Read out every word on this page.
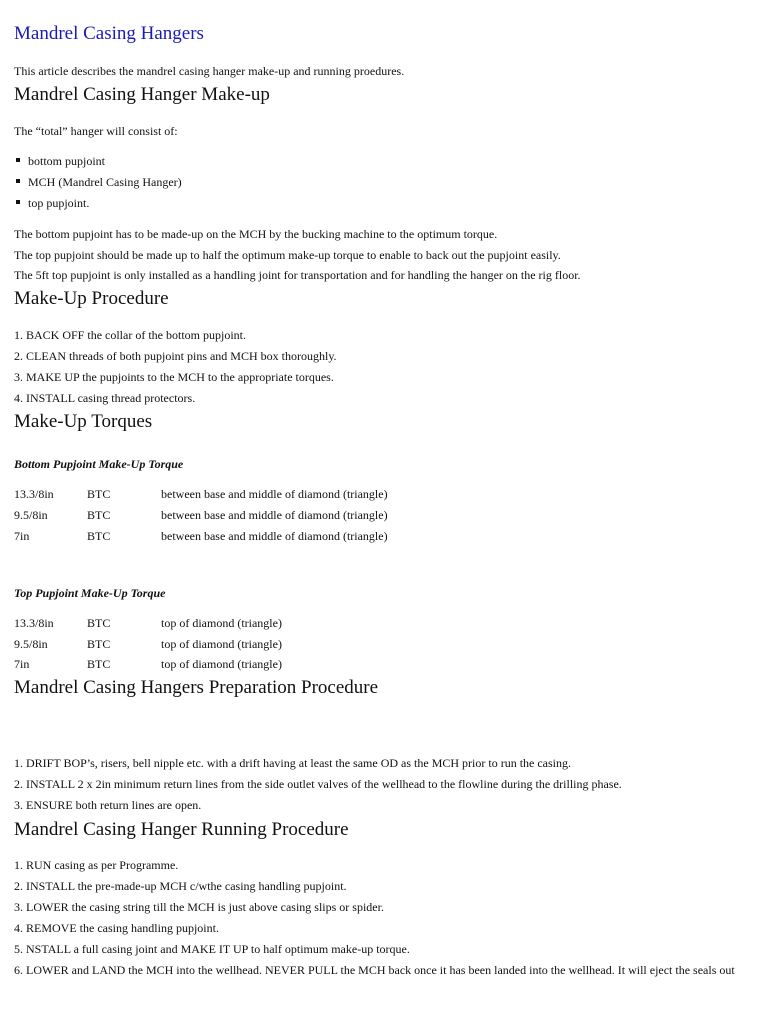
Mandrel Casing Hangers
This article describes the mandrel casing hanger make-up and running proedures.
Mandrel Casing Hanger Make-up
The “total” hanger will consist of:
bottom pupjoint
MCH (Mandrel Casing Hanger)
top pupjoint.
The bottom pupjoint has to be made-up on the MCH by the bucking machine to the optimum torque.
The top pupjoint should be made up to half the optimum make-up torque to enable to back out the pupjoint easily.
The 5ft top pupjoint is only installed as a handling joint for transportation and for handling the hanger on the rig floor.
Make-Up Procedure
1. BACK OFF the collar of the bottom pupjoint.
2. CLEAN threads of both pupjoint pins and MCH box thoroughly.
3. MAKE UP the pupjoints to the MCH to the appropriate torques.
4. INSTALL casing thread protectors.
Make-Up Torques
Bottom Pupjoint Make-Up Torque
13.3/8in	BTC	between base and middle of diamond (triangle)
9.5/8in	BTC	between base and middle of diamond (triangle)
7in	BTC	between base and middle of diamond (triangle)
Top Pupjoint Make-Up Torque
13.3/8in	BTC	top of diamond (triangle)
9.5/8in	BTC	top of diamond (triangle)
7in	BTC	top of diamond (triangle)
Mandrel Casing Hangers Preparation Procedure
1. DRIFT BOP’s, risers, bell nipple etc. with a drift having at least the same OD as the MCH prior to run the casing.
2. INSTALL 2 x 2in minimum return lines from the side outlet valves of the wellhead to the flowline during the drilling phase.
3. ENSURE both return lines are open.
Mandrel Casing Hanger Running Procedure
1. RUN casing as per Programme.
2. INSTALL the pre-made-up MCH c/wthe casing handling pupjoint.
3. LOWER the casing string till the MCH is just above casing slips or spider.
4. REMOVE the casing handling pupjoint.
5. NSTALL a full casing joint and MAKE IT UP to half optimum make-up torque.
6. LOWER and LAND the MCH into the wellhead. NEVER PULL the MCH back once it has been landed into the wellhead. It will eject the seals out
